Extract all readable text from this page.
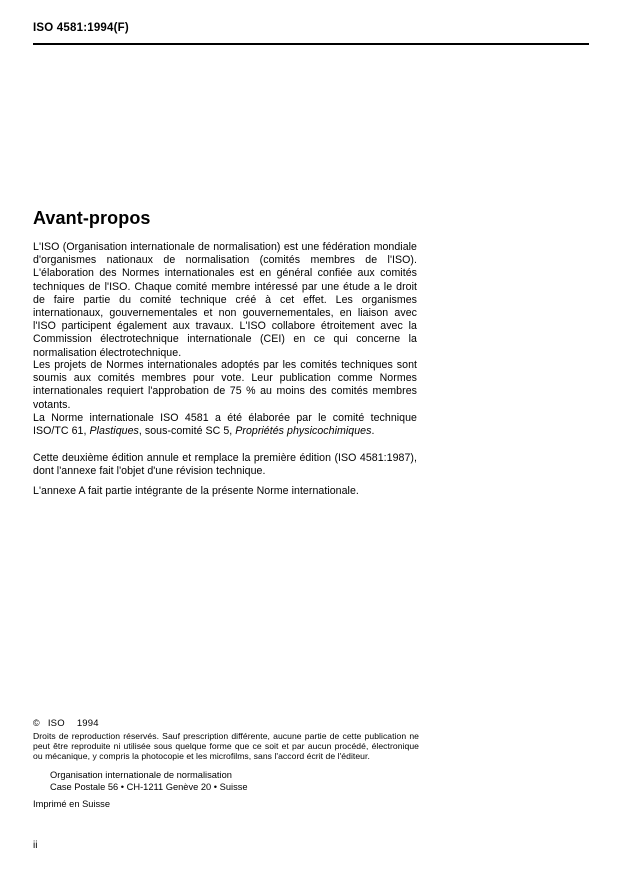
ISO 4581:1994(F)
Avant-propos
L'ISO (Organisation internationale de normalisation) est une fédération mondiale d'organismes nationaux de normalisation (comités membres de l'ISO). L'élaboration des Normes internationales est en général confiée aux comités techniques de l'ISO. Chaque comité membre intéressé par une étude a le droit de faire partie du comité technique créé à cet effet. Les organismes internationaux, gouvernementales et non gouvernementales, en liaison avec l'ISO participent également aux travaux. L'ISO collabore étroitement avec la Commission électrotechnique internationale (CEI) en ce qui concerne la normalisation électrotechnique.
Les projets de Normes internationales adoptés par les comités techniques sont soumis aux comités membres pour vote. Leur publication comme Normes internationales requiert l'approbation de 75 % au moins des comités membres votants.
La Norme internationale ISO 4581 a été élaborée par le comité technique ISO/TC 61, Plastiques, sous-comité SC 5, Propriétés physicochimiques.
Cette deuxième édition annule et remplace la première édition (ISO 4581:1987), dont l'annexe fait l'objet d'une révision technique.
L'annexe A fait partie intégrante de la présente Norme internationale.
© ISO 1994
Droits de reproduction réservés. Sauf prescription différente, aucune partie de cette publication ne peut être reproduite ni utilisée sous quelque forme que ce soit et par aucun procédé, électronique ou mécanique, y compris la photocopie et les microfilms, sans l'accord écrit de l'éditeur.
Organisation internationale de normalisation
Case Postale 56 • CH-1211 Genève 20 • Suisse
Imprimé en Suisse
ii
